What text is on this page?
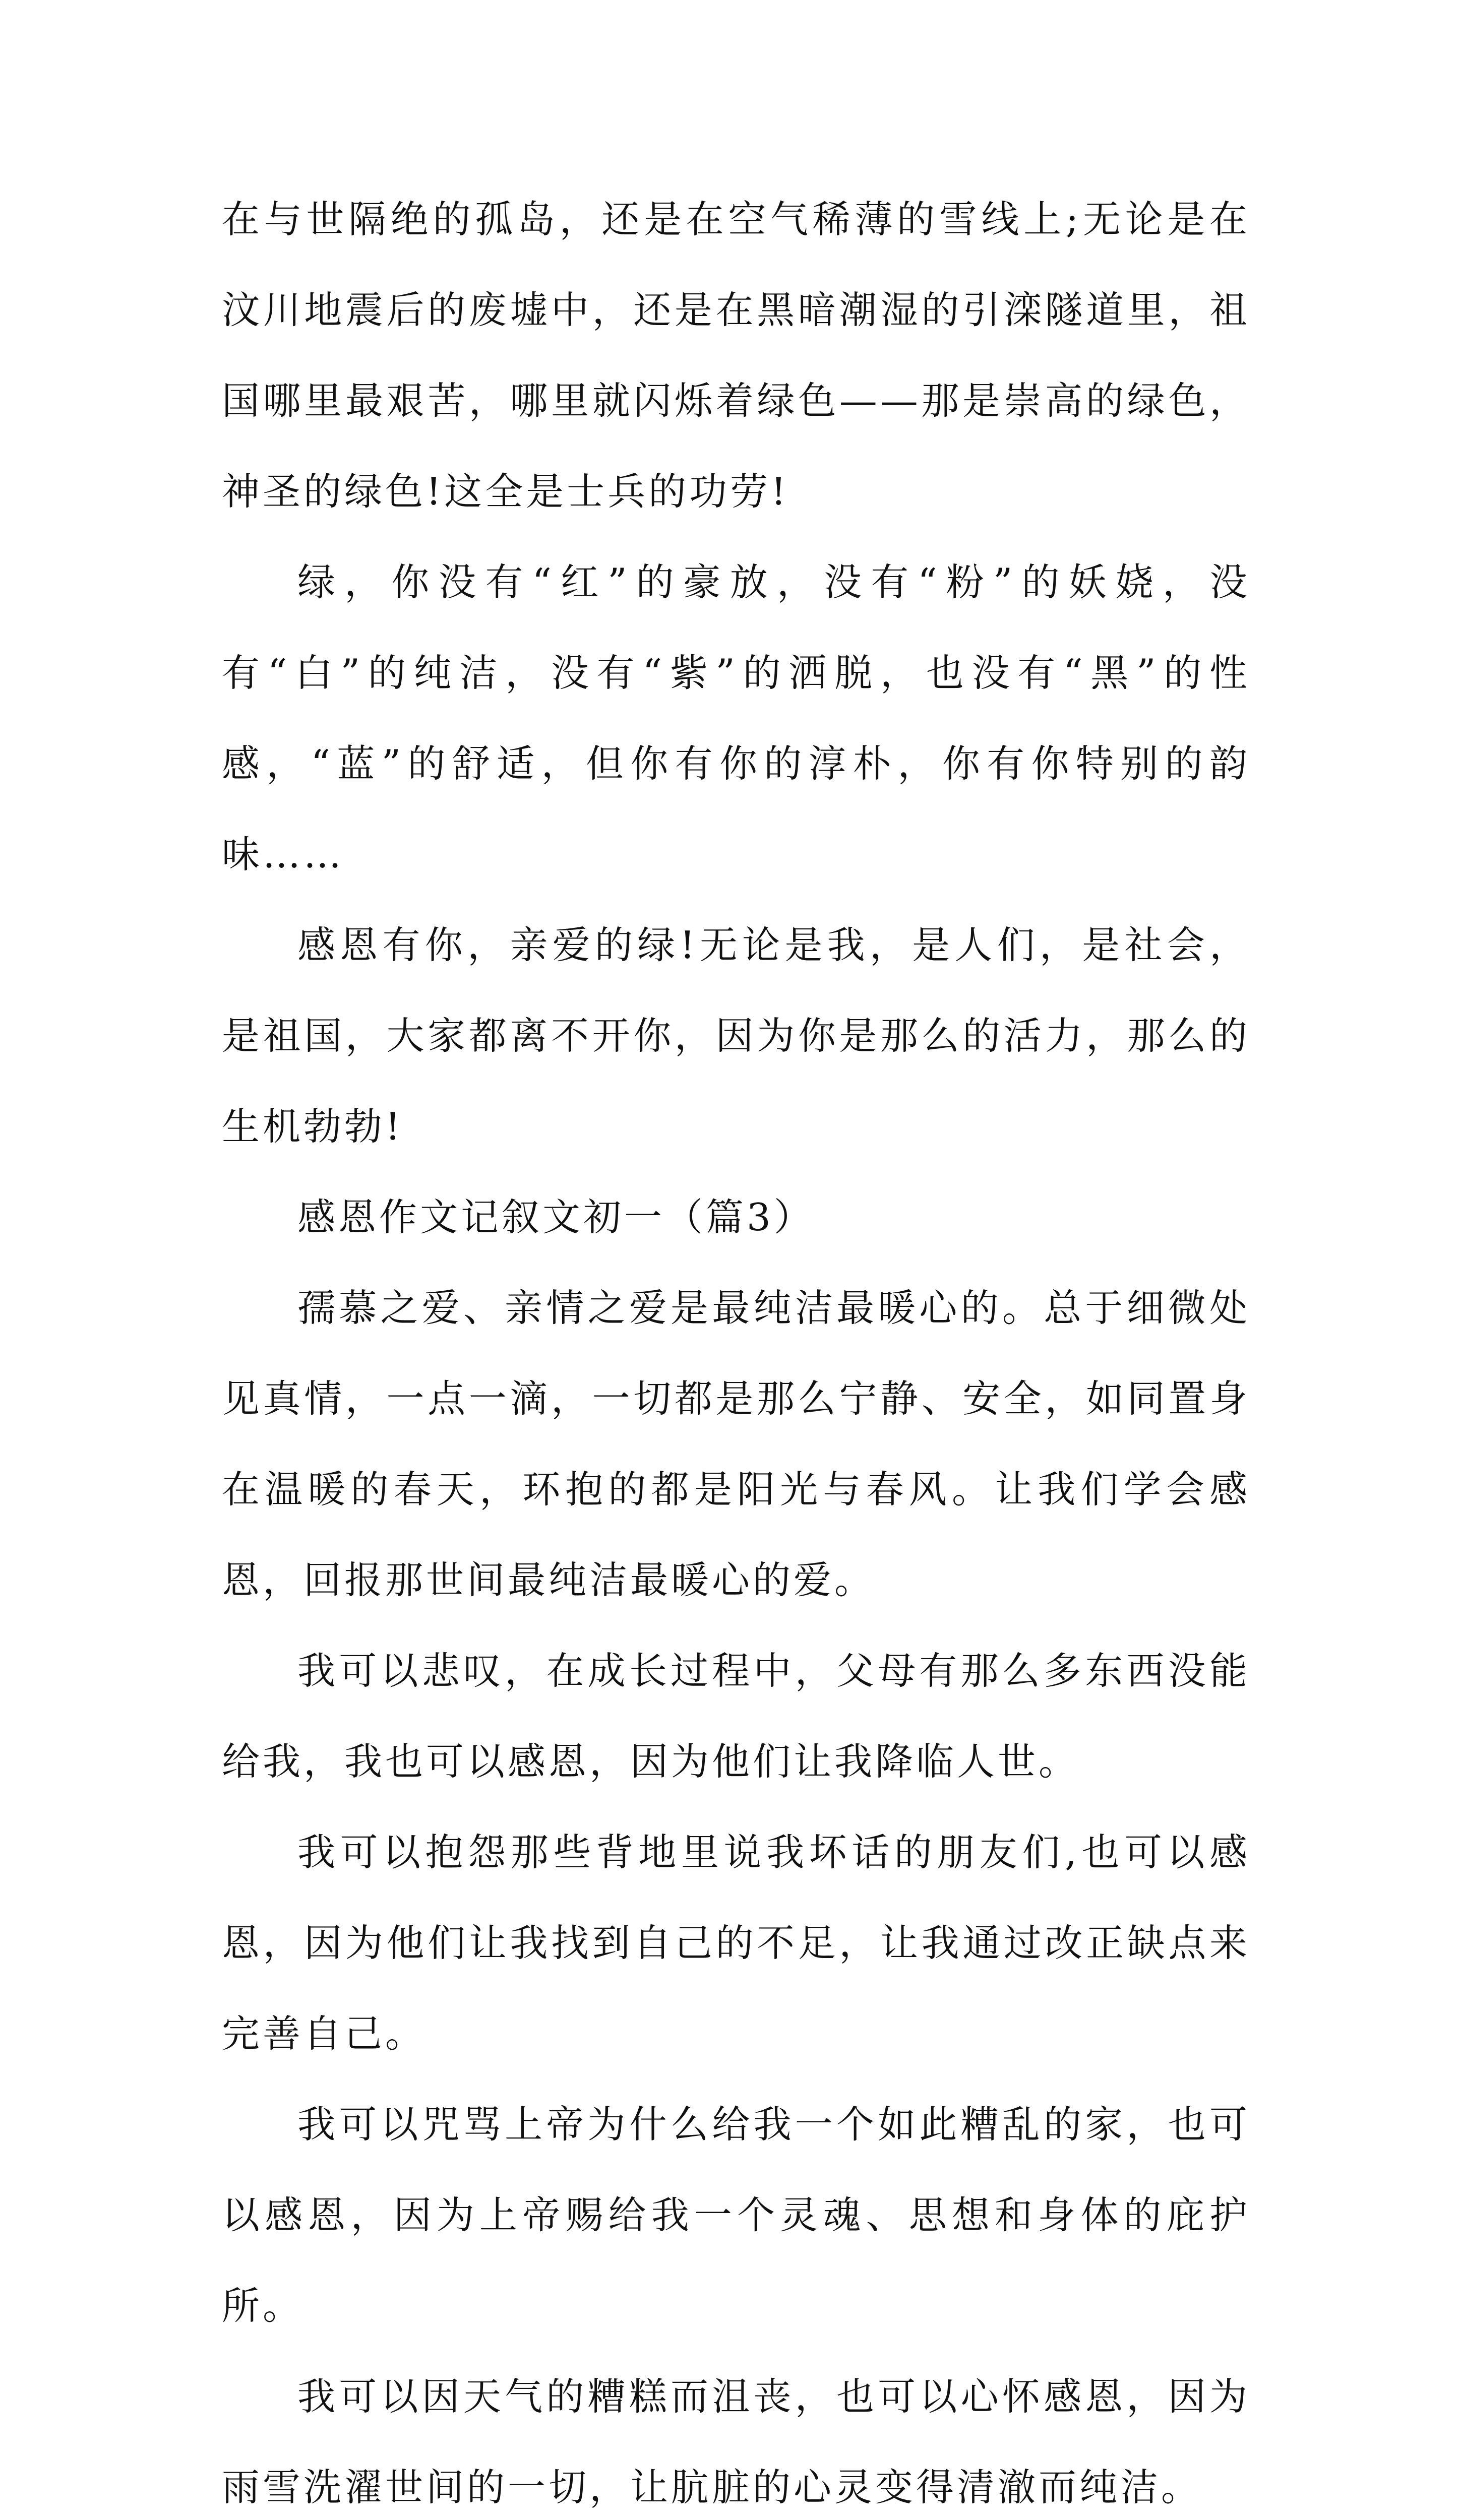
在与世隔绝的孤岛，还是在空气稀薄的雪线上;无论是在汶川地震后的废墟中，还是在黑暗潮湿的引滦隧道里，祖国哪里最艰苦，哪里就闪烁着绿色——那是崇高的绿色，神圣的绿色!这全是士兵的功劳!

绿，你没有“红”的豪放，没有“粉”的妖娆，没有“白”的纯洁，没有“紫”的洒脱，也没有“黑”的性感，“蓝”的舒适，但你有你的淳朴，你有你特别的韵味……

感恩有你，亲爱的绿!无论是我，是人们，是社会，是祖国，大家都离不开你，因为你是那么的活力，那么的生机勃勃!

感恩作文记叙文初一（篇3）

孺慕之爱、亲情之爱是最纯洁最暖心的。总于细微处见真情，一点一滴，一切都是那么宁静、安全，如同置身在温暖的春天，环抱的都是阳光与春风。让我们学会感恩，回报那世间最纯洁最暖心的爱。

我可以悲叹，在成长过程中，父母有那么多东西没能给我，我也可以感恩，因为他们让我降临人世。

我可以抱怨那些背地里说我坏话的朋友们,也可以感恩，因为他们让我找到自己的不足，让我通过改正缺点来完善自己。

我可以咒骂上帝为什么给我一个如此糟乱的家，也可以感恩，因为上帝赐给我一个灵魂、思想和身体的庇护所。

我可以因天气的糟糕而沮丧，也可以心怀感恩，因为雨雪洗濯世间的一切，让肮脏的心灵变得清澈而纯洁。
